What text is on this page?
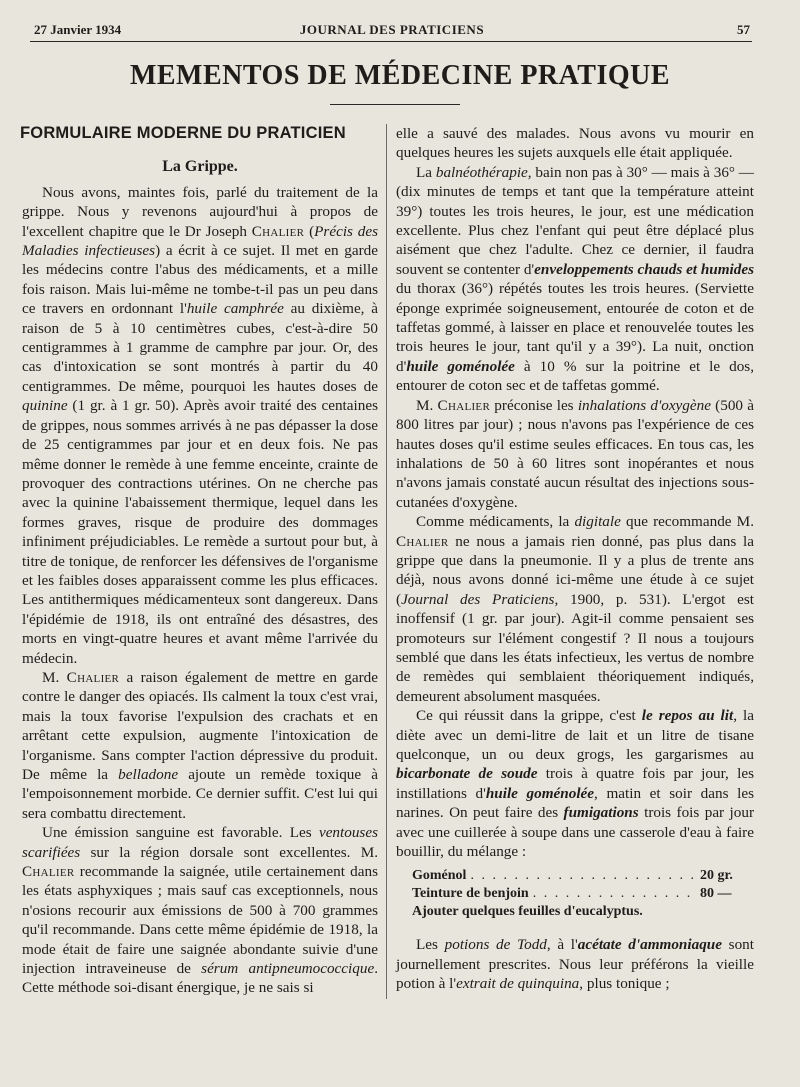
27 Janvier 1934	JOURNAL DES PRATICIENS	57
MEMENTOS DE MÉDECINE PRATIQUE
FORMULAIRE MODERNE DU PRATICIEN
La Grippe.

Nous avons, maintes fois, parlé du traitement de la grippe. Nous y revenons aujourd'hui à propos de l'excellent chapitre que le Dr Joseph Chalier (Précis des Maladies infectieuses) a écrit à ce sujet. Il met en garde les médecins contre l'abus des médicaments, et a mille fois raison. Mais lui-même ne tombe-t-il pas un peu dans ce travers en ordonnant l'huile camphrée au dixième, à raison de 5 à 10 centimètres cubes, c'est-à-dire 50 centigrammes à 1 gramme de camphre par jour. Or, des cas d'intoxication se sont montrés à partir du 40 centigrammes. De même, pourquoi les hautes doses de quinine (1 gr. à 1 gr. 50). Après avoir traité des centaines de grippes, nous sommes arrivés à ne pas dépasser la dose de 25 centigrammes par jour et en deux fois. Ne pas même donner le remède à une femme enceinte, crainte de provoquer des contractions utérines. On ne cherche pas avec la quinine l'abaissement thermique, lequel dans les formes graves, risque de produire des dommages infiniment préjudiciables. Le remède a surtout pour but, à titre de tonique, de renforcer les défensives de l'organisme et les faibles doses apparaissent comme les plus efficaces. Les antithermiques médicamenteux sont dangereux. Dans l'épidémie de 1918, ils ont entraîné des désastres, des morts en vingt-quatre heures et avant même l'arrivée du médecin.

M. Chalier a raison également de mettre en garde contre le danger des opiacés. Ils calment la toux c'est vrai, mais la toux favorise l'expulsion des crachats et en arrêtant cette expulsion, augmente l'intoxication de l'organisme. Sans compter l'action dépressive du produit. De même la belladone ajoute un remède toxique à l'empoisonnement morbide. Ce dernier suffit. C'est lui qui sera combattu directement.

Une émission sanguine est favorable. Les ventouses scarifiées sur la région dorsale sont excellentes. M. Chalier recommande la saignée, utile certainement dans les états asphyxiques ; mais sauf cas exceptionnels, nous n'osions recourir aux émissions de 500 à 700 grammes qu'il recommande. Dans cette même épidémie de 1918, la mode était de faire une saignée abondante suivie d'une injection intraveineuse de sérum antipneumococcique. Cette méthode soi-disant énergique, je ne sais si

elle a sauvé des malades. Nous avons vu mourir en quelques heures les sujets auxquels elle était appliquée.

La balnéothérapie, bain non pas à 30° — mais à 36° — (dix minutes de temps et tant que la température atteint 39°) toutes les trois heures, le jour, est une médication excellente. Plus chez l'enfant qui peut être déplacé plus aisément que chez l'adulte. Chez ce dernier, il faudra souvent se contenter d'enveloppements chauds et humides du thorax (36°) répétés toutes les trois heures. (Serviette éponge exprimée soigneusement, entourée de coton et de taffetas gommé, à laisser en place et renouvelée toutes les trois heures le jour, tant qu'il y a 39°). La nuit, onction d'huile goménolée à 10 % sur la poitrine et le dos, entourer de coton sec et de taffetas gommé.

M. Chalier préconise les inhalations d'oxygène (500 à 800 litres par jour) ; nous n'avons pas l'expérience de ces hautes doses qu'il estime seules efficaces. En tous cas, les inhalations de 50 à 60 litres sont inopérantes et nous n'avons jamais constaté aucun résultat des injections sous-cutanées d'oxygène.

Comme médicaments, la digitale que recommande M. Chalier ne nous a jamais rien donné, pas plus dans la grippe que dans la pneumonie. Il y a plus de trente ans déjà, nous avons donné ici-même une étude à ce sujet (Journal des Praticiens, 1900, p. 531). L'ergot est inoffensif (1 gr. par jour). Agit-il comme pensaient ses promoteurs sur l'élément congestif ? Il nous a toujours semblé que dans les états infectieux, les vertus de nombre de remèdes qui semblaient théoriquement indiqués, demeurent absolument masquées.

Ce qui réussit dans la grippe, c'est le repos au lit, la diète avec un demi-litre de lait et un litre de tisane quelconque, un ou deux grogs, les gargarismes au bicarbonate de soude trois à quatre fois par jour, les instillations d'huile goménolée, matin et soir dans les narines. On peut faire des fumigations trois fois par jour avec une cuillerée à soupe dans une casserole d'eau à faire bouillir, du mélange :

Goménol . . .	20 gr.
Teinture de benjoin . . .	80 —
Ajouter quelques feuilles d'eucalyptus.

Les potions de Todd, à l'acétate d'ammoniaque sont journellement prescrites. Nous leur préférons la vieille potion à l'extrait de quinquina, plus tonique ;
